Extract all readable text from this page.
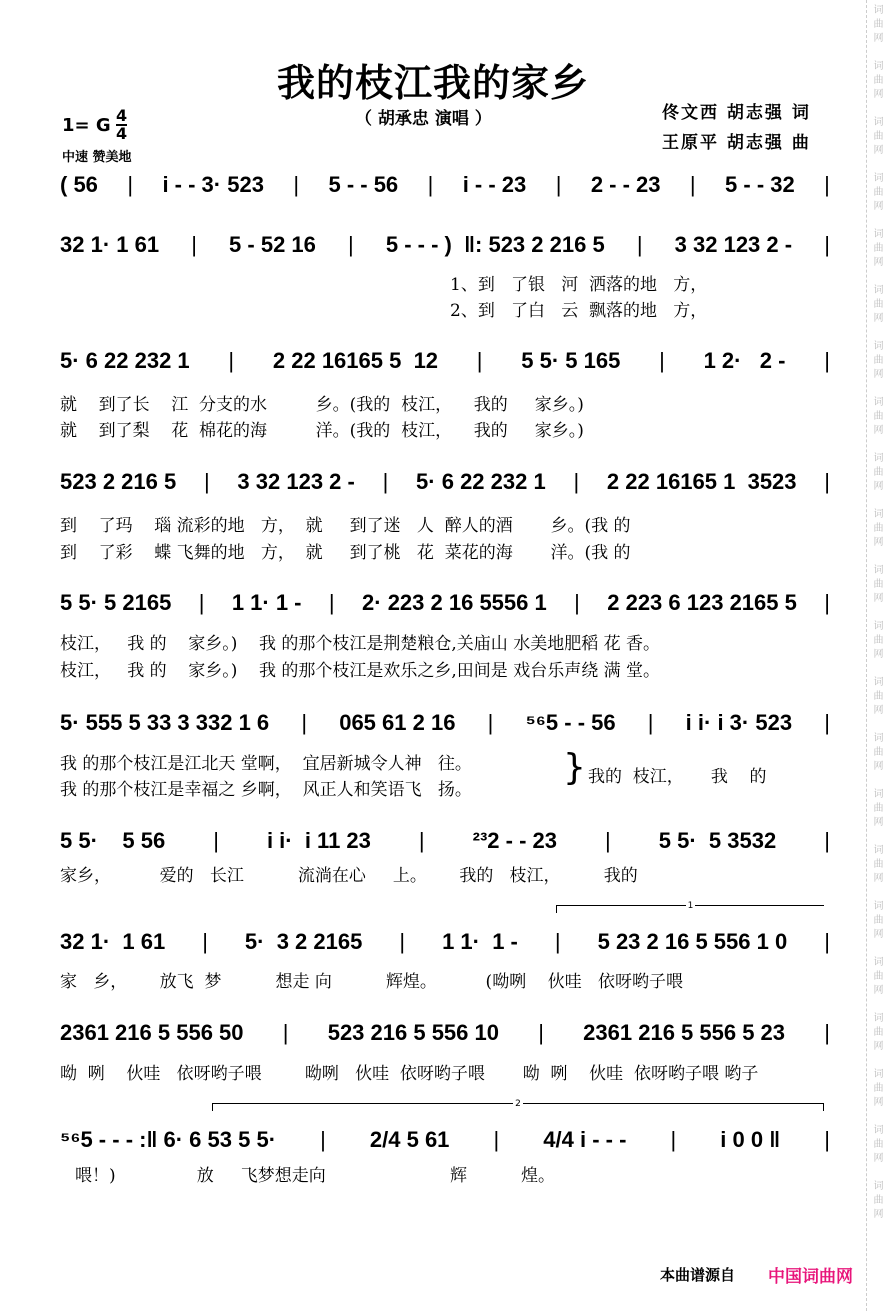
我的枝江我的家乡
（ 胡承忠 演唱 ）	佟文西 胡志强 词
王原平 胡志强 曲
1= G 4
4
中速 赞美地
( 56 | i - - 3· 523 | 5 - - 56 | i - - 23 | 2 - - 23 | 5 - - 32 |
32 1· 1 61 | 5 - 52 16 | 5 - - - )  ‖: 523 2 216 5 | 3 32 123 2 - |
5· 6 22 232 1 | 2 22 16165 5  12 | 5 5· 5 165 | 1 2·   2 - |
523 2 216 5 | 3 32 123 2 - | 5· 6 22 232 1 | 2 22 16165 1  3523 |
5 5· 5 2165 | 1 1· 1 - | 2· 223 2 16 5556 1 | 2 223 6 123 2165 5 |
5· 555 5 33 3 332 1 6 | 065 61 2 16 | ⁵⁶5 - - 56 | i i· i 3· 523 |
5 5·    5 56 | i i·  i 11 23 | ²³2 - - 23 | 5 5·  5 3532 |
32 1·  1 61 | 5·  3 2 2165 | 1 1·  1 - | 5 23 2 16 5 556 1 0 |
2361 216 5 556 50 | 523 216 5 556 10 | 2361 216 5 556 5 23 |
⁵⁶5 - - - :‖ 6· 6 53 5 5· | 2/4 5 61 | 4/4 i - - - | i 0 0 ‖ |
1、到   了银   河  洒落的地   方，
2、到   了白   云  飘落的地   方，
就    到了长    江  分支的水         乡。(我的  枝江，    我的     家乡。)
就    到了梨    花  棉花的海         洋。(我的  枝江，    我的     家乡。)
到    了玛    瑙 流彩的地   方，  就     到了迷   人  醉人的酒       乡。(我 的
到    了彩    蝶 飞舞的地   方，  就     到了桃   花  菜花的海       洋。(我 的
枝江，   我 的    家乡。)    我 的那个枝江是荆楚粮仓,关庙山 水美地肥稻 花 香。
枝江，   我 的    家乡。)    我 的那个枝江是欢乐之乡,田间是 戏台乐声绕 满 堂。
我 的那个枝江是江北天 堂啊，  宜居新城令人神   往。
我 的那个枝江是幸福之 乡啊，  风正人和笑语飞   扬。
} 我的  枝江，     我    的
家乡，         爱的   长江          流淌在心     上。      我的   枝江，        我的
家   乡，      放飞  梦          想走 向          辉煌。         (呦咧    伙哇   依呀哟子喂
呦  咧    伙哇   依呀哟子喂        呦咧   伙哇  依呀哟子喂       呦  咧    伙哇  依呀哟子喂 哟子
喂！)               放     飞梦想走向                       辉          煌。
1
2
本曲谱源自 中国词曲网
词
曲
网

词
曲
网

词
曲
网

词
曲
网

词
曲
网

词
曲
网

词
曲
网

词
曲
网

词
曲
网

词
曲
网

词
曲
网

词
曲
网

词
曲
网

词
曲
网

词
曲
网

词
曲
网

词
曲
网

词
曲
网

词
曲
网

词
曲
网

词
曲
网

词
曲
网
